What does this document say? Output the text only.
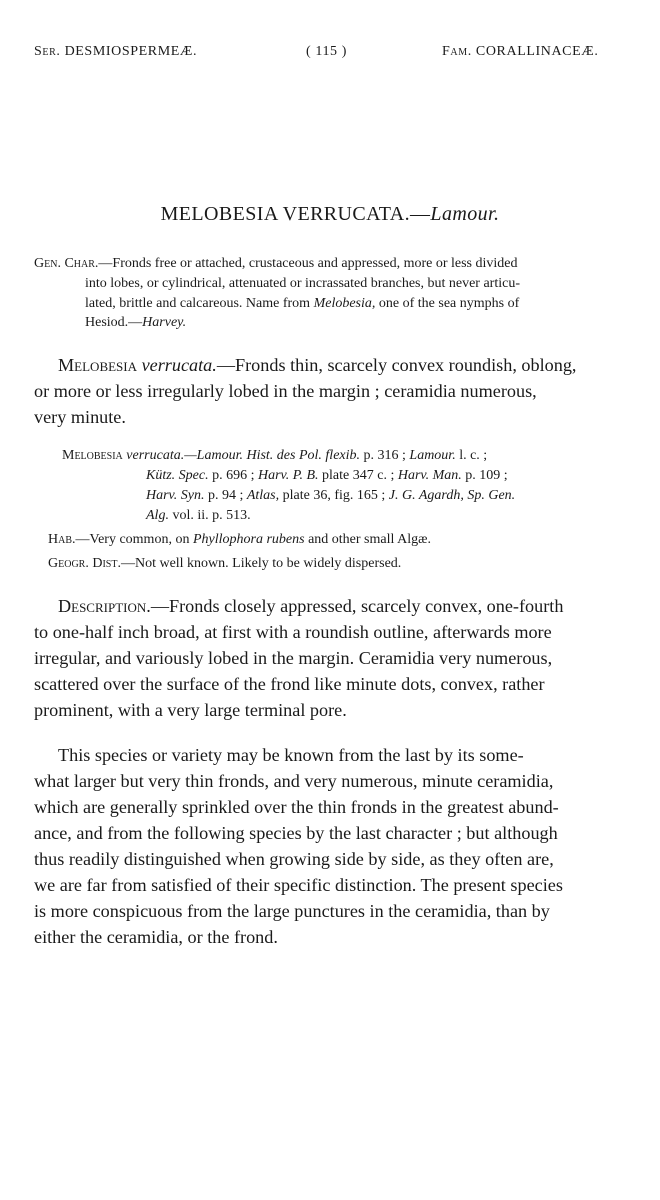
Ser. DESMIOSPERMEÆ.	( 115 )	Fam. CORALLINACEÆ.
MELOBESIA VERRUCATA.—Lamour.
Gen. Char.—Fronds free or attached, crustaceous and appressed, more or less divided
into lobes, or cylindrical, attenuated or incrassated branches, but never articu-
lated, brittle and calcareous. Name from Melobesia, one of the sea nymphs of
Hesiod.—Harvey.
Melobesia verrucata.—Fronds thin, scarcely convex roundish, oblong,
or more or less irregularly lobed in the margin ; ceramidia numerous,
very minute.
Melobesia verrucata.—Lamour. Hist. des Pol. flexib. p. 316 ; Lamour. l. c. ;
Kütz. Spec. p. 696 ; Harv. P. B. plate 347 c. ; Harv. Man. p. 109 ;
Harv. Syn. p. 94 ; Atlas, plate 36, fig. 165 ; J. G. Agardh, Sp. Gen.
Alg. vol. ii. p. 513.
Hab.—Very common, on Phyllophora rubens and other small Algæ.
Geogr. Dist.—Not well known. Likely to be widely dispersed.
Description.—Fronds closely appressed, scarcely convex, one-fourth
to one-half inch broad, at first with a roundish outline, afterwards more
irregular, and variously lobed in the margin. Ceramidia very numerous,
scattered over the surface of the frond like minute dots, convex, rather
prominent, with a very large terminal pore.
This species or variety may be known from the last by its some-
what larger but very thin fronds, and very numerous, minute ceramidia,
which are generally sprinkled over the thin fronds in the greatest abund-
ance, and from the following species by the last character ; but although
thus readily distinguished when growing side by side, as they often are,
we are far from satisfied of their specific distinction. The present species
is more conspicuous from the large punctures in the ceramidia, than by
either the ceramidia, or the frond.
